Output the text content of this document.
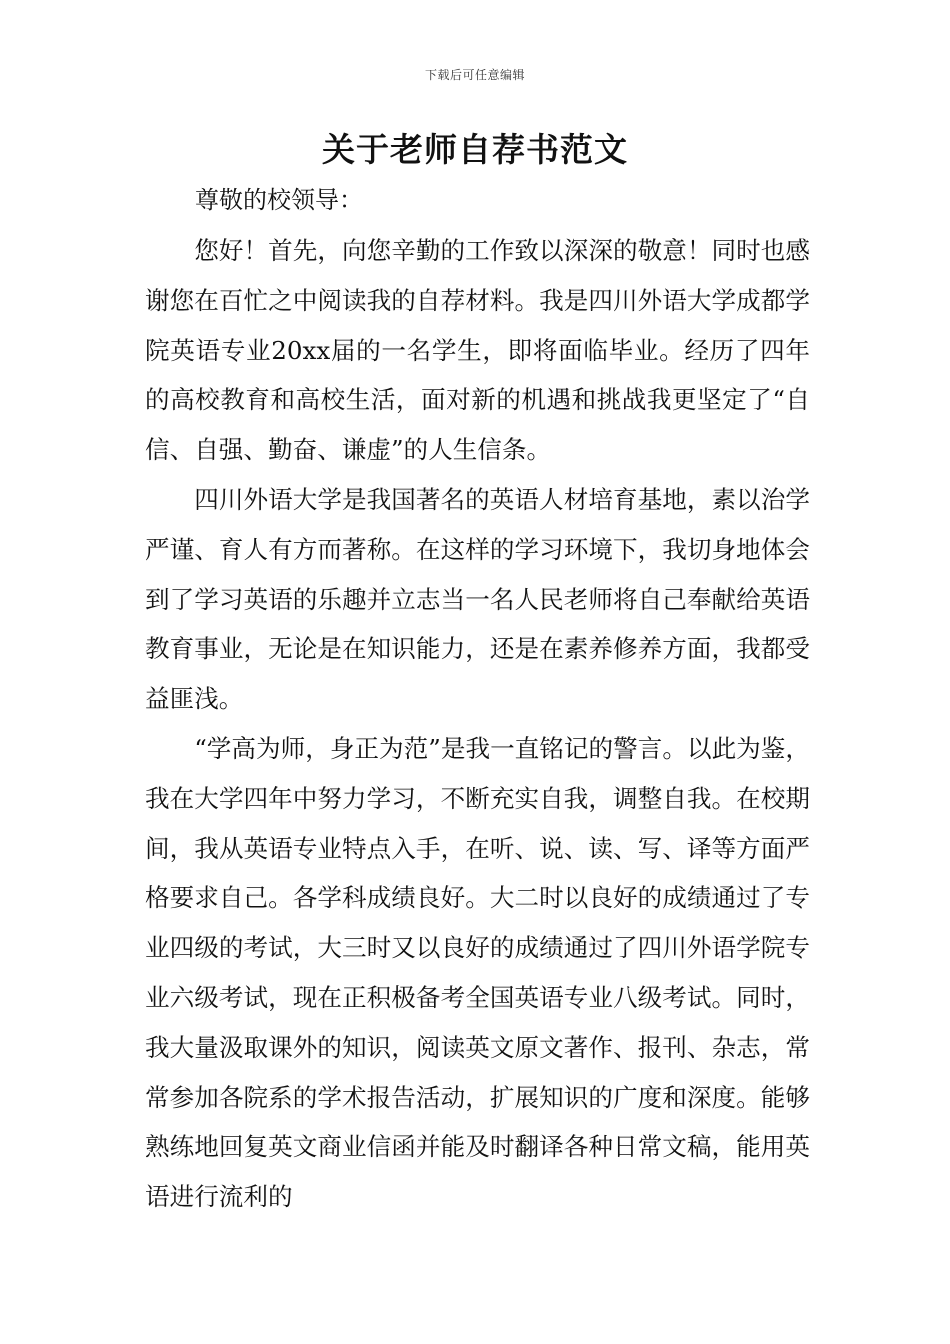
下载后可任意编辑
关于老师自荐书范文

尊敬的校领导：

您好！首先，向您辛勤的工作致以深深的敬意！同时也感谢您在百忙之中阅读我的自荐材料。我是四川外语大学成都学院英语专业20xx届的一名学生，即将面临毕业。经历了四年的高校教育和高校生活，面对新的机遇和挑战我更坚定了“自信、自强、勤奋、谦虚”的人生信条。

四川外语大学是我国著名的英语人材培育基地，素以治学严谨、育人有方而著称。在这样的学习环境下，我切身地体会到了学习英语的乐趣并立志当一名人民老师将自己奉献给英语教育事业，无论是在知识能力，还是在素养修养方面，我都受益匪浅。

“学高为师，身正为范”是我一直铭记的警言。以此为鉴，我在大学四年中努力学习，不断充实自我，调整自我。在校期间，我从英语专业特点入手，在听、说、读、写、译等方面严格要求自己。各学科成绩良好。大二时以良好的成绩通过了专业四级的考试，大三时又以良好的成绩通过了四川外语学院专业六级考试，现在正积极备考全国英语专业八级考试。同时，我大量汲取课外的知识，阅读英文原文著作、报刊、杂志，常常参加各院系的学术报告活动，扩展知识的广度和深度。能够熟练地回复英文商业信函并能及时翻译各种日常文稿，能用英语进行流利的
